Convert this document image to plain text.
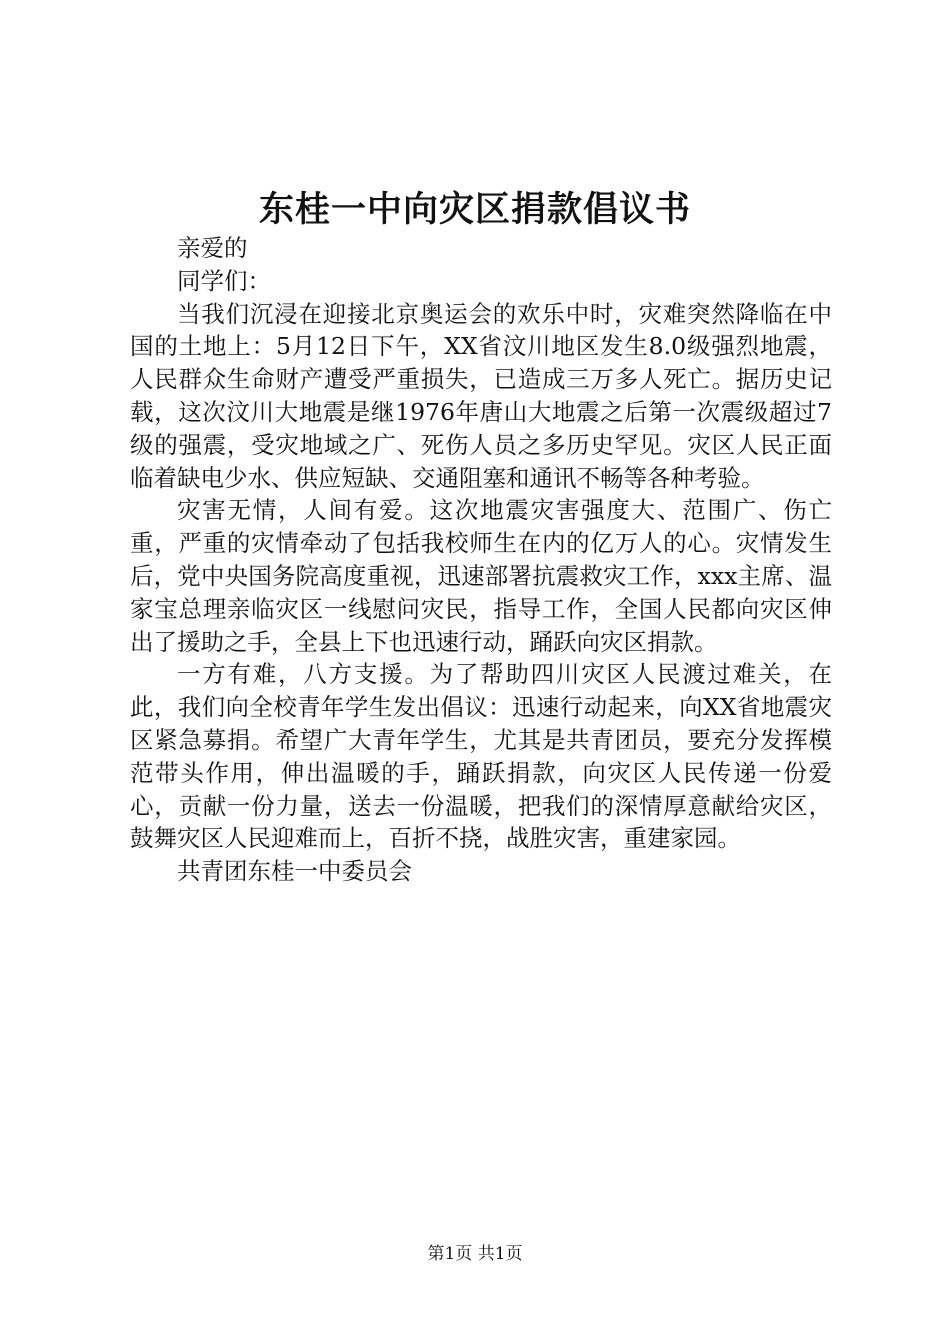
东桂一中向灾区捐款倡议书

亲爱的

同学们：

当我们沉浸在迎接北京奥运会的欢乐中时，灾难突然降临在中国的土地上：5月12日下午，XX省汶川地区发生8.0级强烈地震，人民群众生命财产遭受严重损失，已造成三万多人死亡。据历史记载，这次汶川大地震是继1976年唐山大地震之后第一次震级超过7级的强震，受灾地域之广、死伤人员之多历史罕见。灾区人民正面临着缺电少水、供应短缺、交通阻塞和通讯不畅等各种考验。

灾害无情，人间有爱。这次地震灾害强度大、范围广、伤亡重，严重的灾情牵动了包括我校师生在内的亿万人的心。灾情发生后，党中央国务院高度重视，迅速部署抗震救灾工作，xxx主席、温家宝总理亲临灾区一线慰问灾民，指导工作，全国人民都向灾区伸出了援助之手，全县上下也迅速行动，踊跃向灾区捐款。

一方有难，八方支援。为了帮助四川灾区人民渡过难关，在此，我们向全校青年学生发出倡议：迅速行动起来，向XX省地震灾区紧急募捐。希望广大青年学生，尤其是共青团员，要充分发挥模范带头作用，伸出温暖的手，踊跃捐款，向灾区人民传递一份爱心，贡献一份力量，送去一份温暖，把我们的深情厚意献给灾区，鼓舞灾区人民迎难而上，百折不挠，战胜灾害，重建家园。

共青团东桂一中委员会

第1页 共1页
